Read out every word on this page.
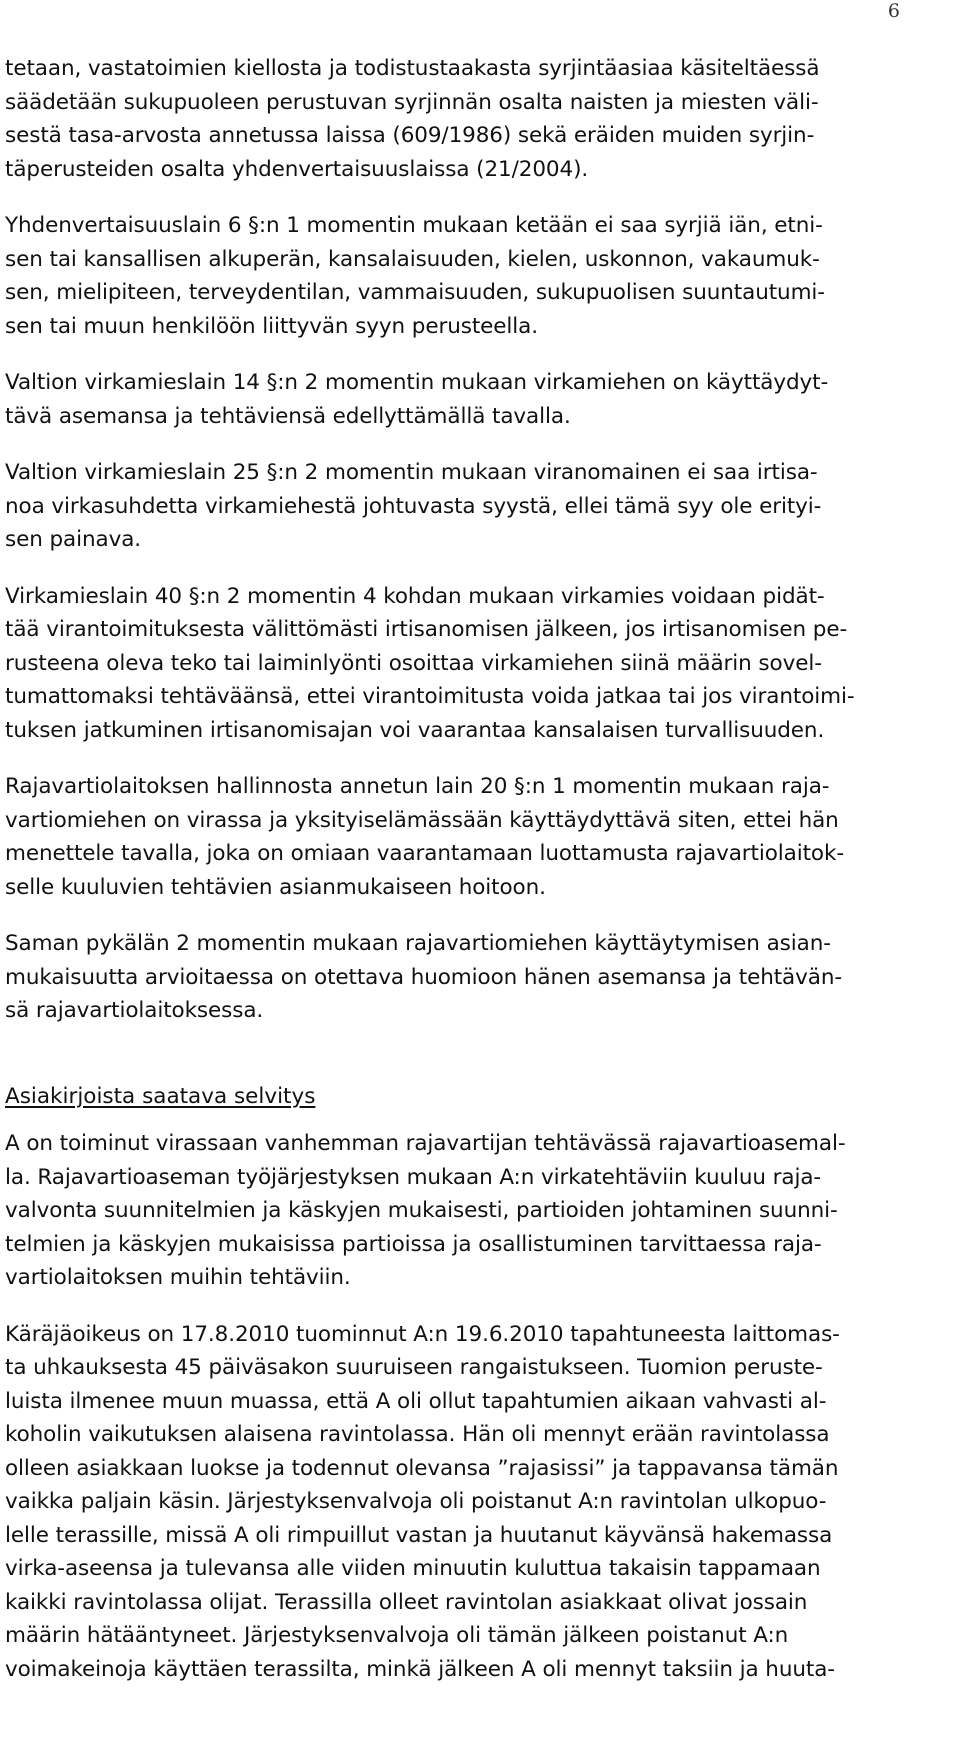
6
tetaan, vastatoimien kiellosta ja todistustaakasta syrjintäasiaa käsiteltäessä
säädetään sukupuoleen perustuvan syrjinnän osalta naisten ja miesten väli-
sestä tasa-arvosta annetussa laissa (609/1986) sekä eräiden muiden syrjin-
täperusteiden osalta yhdenvertaisuuslaissa (21/2004).
Yhdenvertaisuuslain 6 §:n 1 momentin mukaan ketään ei saa syrjiä iän, etni-
sen tai kansallisen alkuperän, kansalaisuuden, kielen, uskonnon, vakaumuk-
sen, mielipiteen, terveydentilan, vammaisuuden, sukupuolisen suuntautumi-
sen tai muun henkilöön liittyvän syyn perusteella.
Valtion virkamieslain 14 §:n 2 momentin mukaan virkamiehen on käyttäydyt-
tävä asemansa ja tehtäviensä edellyttämällä tavalla.
Valtion virkamieslain 25 §:n 2 momentin mukaan viranomainen ei saa irtisa-
noa virkasuhdetta virkamiehestä johtuvasta syystä, ellei tämä syy ole erityi-
sen painava.
Virkamieslain 40 §:n 2 momentin 4 kohdan mukaan virkamies voidaan pidät-
tää virantoimituksesta välittömästi irtisanomisen jälkeen, jos irtisanomisen pe-
rusteena oleva teko tai laiminlyönti osoittaa virkamiehen siinä määrin sovel-
tumattomaksi tehtäväänsä, ettei virantoimitusta voida jatkaa tai jos virantoimi-
tuksen jatkuminen irtisanomisajan voi vaarantaa kansalaisen turvallisuuden.
Rajavartiolaitoksen hallinnosta annetun lain 20 §:n 1 momentin mukaan raja-
vartiomiehen on virassa ja yksityiselämässään käyttäydyttävä siten, ettei hän
menettele tavalla, joka on omiaan vaarantamaan luottamusta rajavartiolaitok-
selle kuuluvien tehtävien asianmukaiseen hoitoon.
Saman pykälän 2 momentin mukaan rajavartiomiehen käyttäytymisen asian-
mukaisuutta arvioitaessa on otettava huomioon hänen asemansa ja tehtävän-
sä rajavartiolaitoksessa.
Asiakirjoista saatava selvitys
A on toiminut virassaan vanhemman rajavartijan tehtävässä rajavartioasemal-
la. Rajavartioaseman työjärjestyksen mukaan A:n virkatehtäviin kuuluu raja-
valvonta suunnitelmien ja käskyjen mukaisesti, partioiden johtaminen suunni-
telmien ja käskyjen mukaisissa partioissa ja osallistuminen tarvittaessa raja-
vartiolaitoksen muihin tehtäviin.
Käräjäoikeus on 17.8.2010 tuominnut A:n 19.6.2010 tapahtuneesta laittomas-
ta uhkauksesta 45 päiväsakon suuruiseen rangaistukseen. Tuomion peruste-
luista ilmenee muun muassa, että A oli ollut tapahtumien aikaan vahvasti al-
koholin vaikutuksen alaisena ravintolassa. Hän oli mennyt erään ravintolassa
olleen asiakkaan luokse ja todennut olevansa ”rajasissi” ja tappavansa tämän
vaikka paljain käsin. Järjestyksenvalvoja oli poistanut A:n ravintolan ulkopuo-
lelle terassille, missä A oli rimpuillut vastan ja huutanut käyvänsä hakemassa
virka-aseensa ja tulevansa alle viiden minuutin kuluttua takaisin tappamaan
kaikki ravintolassa olijat. Terassilla olleet ravintolan asiakkaat olivat jossain
määrin hätääntyneet. Järjestyksenvalvoja oli tämän jälkeen poistanut A:n
voimakeinoja käyttäen terassilta, minkä jälkeen A oli mennyt taksiin ja huuta-
